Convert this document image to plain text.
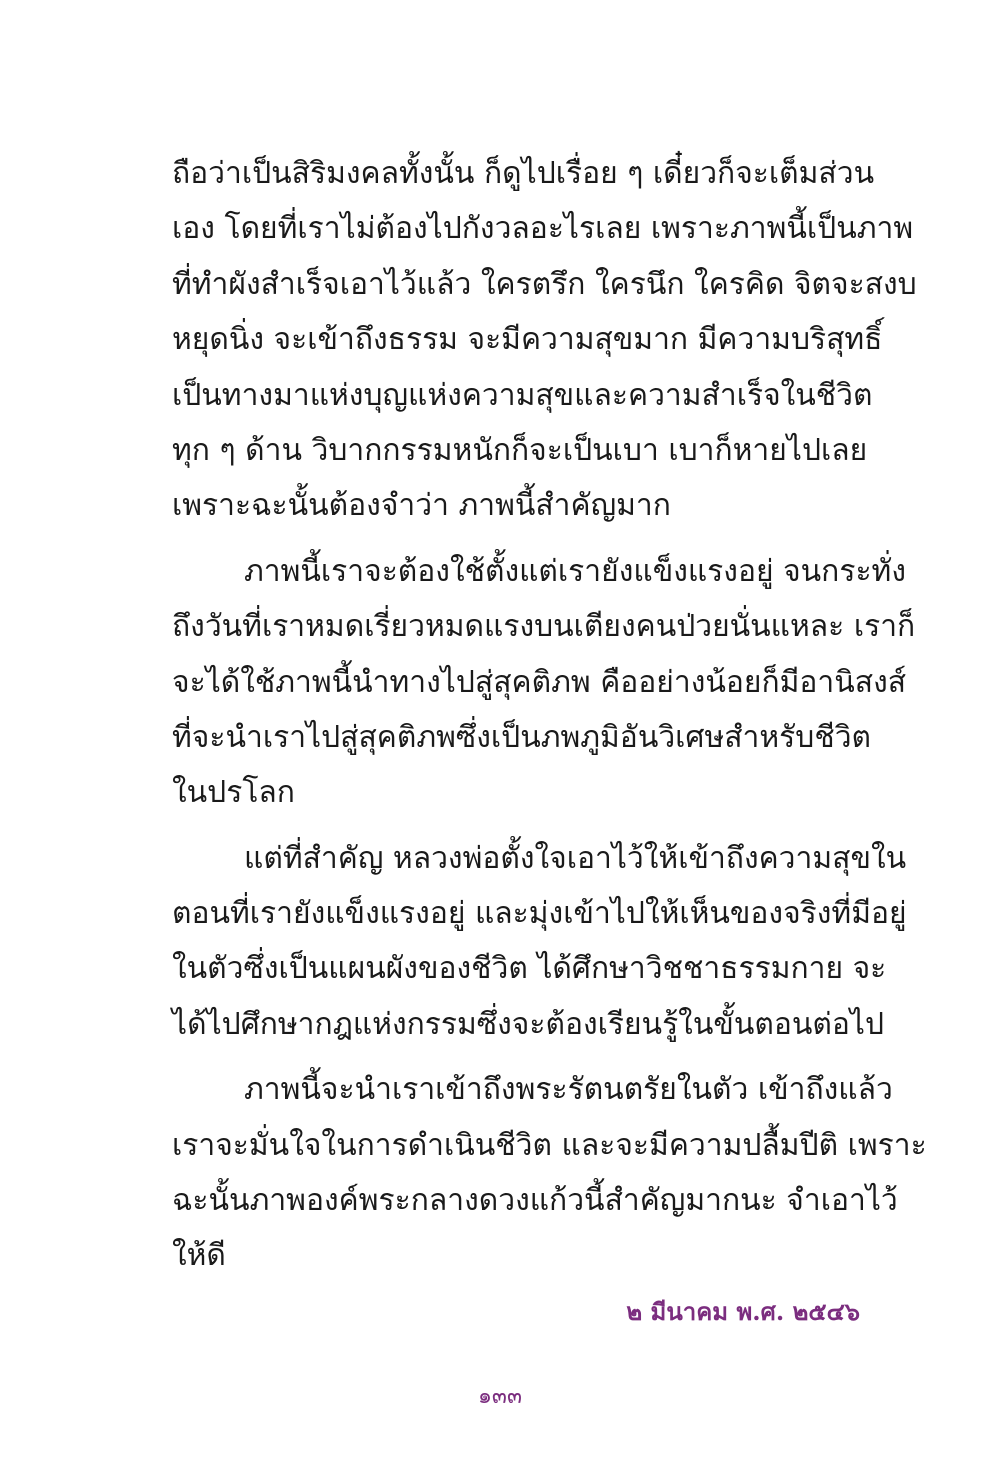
ถือว่าเป็นสิริมงคลทั้งนั้น ก็ดูไปเรื่อย ๆ เดี๋ยวก็จะเต็มส่วน
เอง โดยที่เราไม่ต้องไปกังวลอะไรเลย เพราะภาพนี้เป็นภาพ
ที่ทำผังสำเร็จเอาไว้แล้ว ใครตรึก ใครนึก ใครคิด จิตจะสงบ
หยุดนิ่ง จะเข้าถึงธรรม จะมีความสุขมาก มีความบริสุทธิ์
เป็นทางมาแห่งบุญแห่งความสุขและความสำเร็จในชีวิต
ทุก ๆ ด้าน วิบากกรรมหนักก็จะเป็นเบา เบาก็หายไปเลย
เพราะฉะนั้นต้องจำว่า ภาพนี้สำคัญมาก
ภาพนี้เราจะต้องใช้ตั้งแต่เรายังแข็งแรงอยู่ จนกระทั่ง
ถึงวันที่เราหมดเรี่ยวหมดแรงบนเตียงคนป่วยนั่นแหละ เราก็
จะได้ใช้ภาพนี้นำทางไปสู่สุคติภพ คืออย่างน้อยก็มีอานิสงส์
ที่จะนำเราไปสู่สุคติภพซึ่งเป็นภพภูมิอันวิเศษสำหรับชีวิต
ในปรโลก
แต่ที่สำคัญ หลวงพ่อตั้งใจเอาไว้ให้เข้าถึงความสุขใน
ตอนที่เรายังแข็งแรงอยู่ และมุ่งเข้าไปให้เห็นของจริงที่มีอยู่
ในตัวซึ่งเป็นแผนผังของชีวิต ได้ศึกษาวิชชาธรรมกาย จะ
ได้ไปศึกษากฎแห่งกรรมซึ่งจะต้องเรียนรู้ในขั้นตอนต่อไป
ภาพนี้จะนำเราเข้าถึงพระรัตนตรัยในตัว เข้าถึงแล้ว
เราจะมั่นใจในการดำเนินชีวิต และจะมีความปลื้มปีติ เพราะ
ฉะนั้นภาพองค์พระกลางดวงแก้วนี้สำคัญมากนะ จำเอาไว้
ให้ดี
๒ มีนาคม พ.ศ. ๒๕๔๖
๑๓๓
